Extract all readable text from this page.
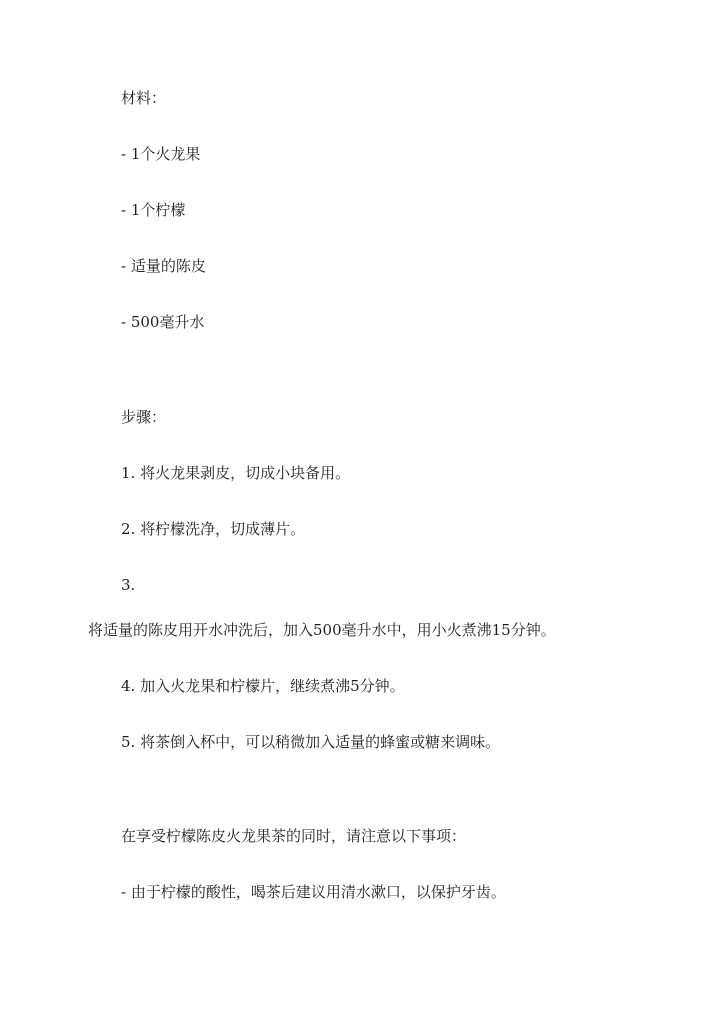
材料：

- 1个火龙果

- 1个柠檬

- 适量的陈皮

- 500毫升水

步骤：

1. 将火龙果剥皮，切成小块备用。

2. 将柠檬洗净，切成薄片。

3.

将适量的陈皮用开水冲洗后，加入500毫升水中，用小火煮沸15分钟。

4. 加入火龙果和柠檬片，继续煮沸5分钟。

5. 将茶倒入杯中，可以稍微加入适量的蜂蜜或糖来调味。

在享受柠檬陈皮火龙果茶的同时，请注意以下事项：

- 由于柠檬的酸性，喝茶后建议用清水漱口，以保护牙齿。
